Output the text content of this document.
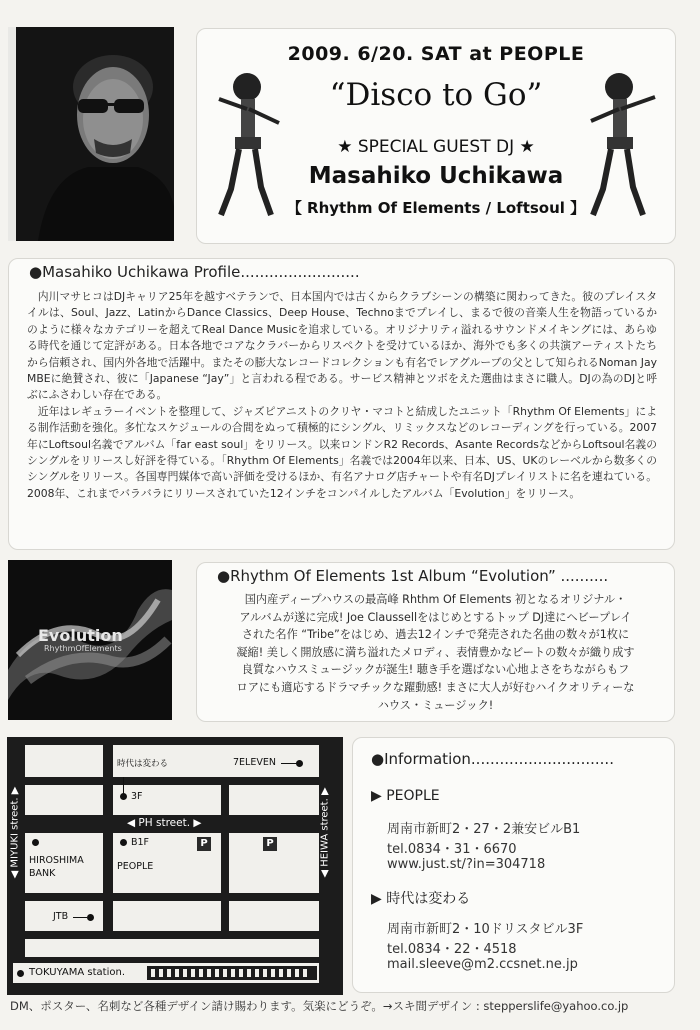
2009. 6/20. SAT at PEOPLE
“Disco to Go”
★ SPECIAL GUEST DJ ★
Masahiko Uchikawa
【 Rhythm Of Elements / Loftsoul 】
●Masahiko Uchikawa Profile.........................

内川マサヒコはDJキャリア25年を越すベテランで、日本国内では古くからクラブシーンの構築に関わってきた。彼のプレイスタイルは、Soul、Jazz、LatinからDance Classics、Deep House、Technoまでプレイし、まるで彼の音楽人生を物語っているかのように様々なカテゴリーを超えてReal Dance Musicを追求している。オリジナリティ溢れるサウンドメイキングには、あらゆる時代を通じて定評がある。日本各地でコアなクラバーからリスペクトを受けているほか、海外でも多くの共演アーティストたちから信頼され、国内外各地で活躍中。またその膨大なレコードコレクションも有名でレアグルーブの父として知られるNoman Jay MBEに絶賛され、彼に「Japanese “Jay”」と言われる程である。サービス精神とツボをえた選曲はまさに職人。DJの為のDJと呼ぶにふさわしい存在である。

近年はレギュラーイベントを整理して、ジャズピアニストのクリヤ・マコトと結成したユニット「Rhythm Of Elements」による制作活動を強化。多忙なスケジュールの合間をぬって積極的にシングル、リミックスなどのレコーディングを行っている。2007年にLoftsoul名義でアルバム「far east soul」をリリース。以来ロンドンR2 Records、Asante RecordsなどからLoftsoul名義のシングルをリリースし好評を得ている。「Rhythm Of Elements」名義では2004年以来、日本、US、UKのレーベルから数多くのシングルをリリース。各国専門媒体で高い評価を受けるほか、有名アナログ店チャートや有名DJプレイリストに名を連ねている。2008年、これまでバラバラにリリースされていた12インチをコンパイルしたアルバム「Evolution」をリリース。

Evolution
RhythmOfElements
●Rhythm Of Elements 1st Album “Evolution” ..........
国内産ディープハウスの最高峰 Rhthm Of Elements 初となるオリジナル・
アルバムが遂に完成! Joe Claussellをはじめとするトップ DJ達にヘビープレイ
された名作 “Tribe”をはじめ、過去12インチで発売された名曲の数々が1枚に
凝縮! 美しく開放感に満ち溢れたメロディ、表情豊かなビートの数々が織り成す
良質なハウスミュージックが誕生! 聴き手を選ばない心地よさをちながらもフ
ロアにも適応するドラマチックな躍動感! まさに大人が好むハイクオリティーな
ハウス・ミュージック!
時代は変わる	7ELEVEN
3F
◀ PH street. ▶
B1F
PEOPLE
HIROSHIMA
BANK
P	P
JTB
TOKUYAMA station.
◀ MIYUKI street. ▶	◀ HEIWA street. ▶
●Information..............................
▶ PEOPLE
周南市新町2・27・2兼安ビルB1
tel.0834・31・6670
www.just.st/?in=304718
▶ 時代は変わる
周南市新町2・10ドリスタビル3F
tel.0834・22・4518
mail.sleeve@m2.ccsnet.ne.jp
DM、ポスター、名刺など各種デザイン請け賜わります。気楽にどうぞ。→スキ間デザイン : stepperslife@yahoo.co.jp
